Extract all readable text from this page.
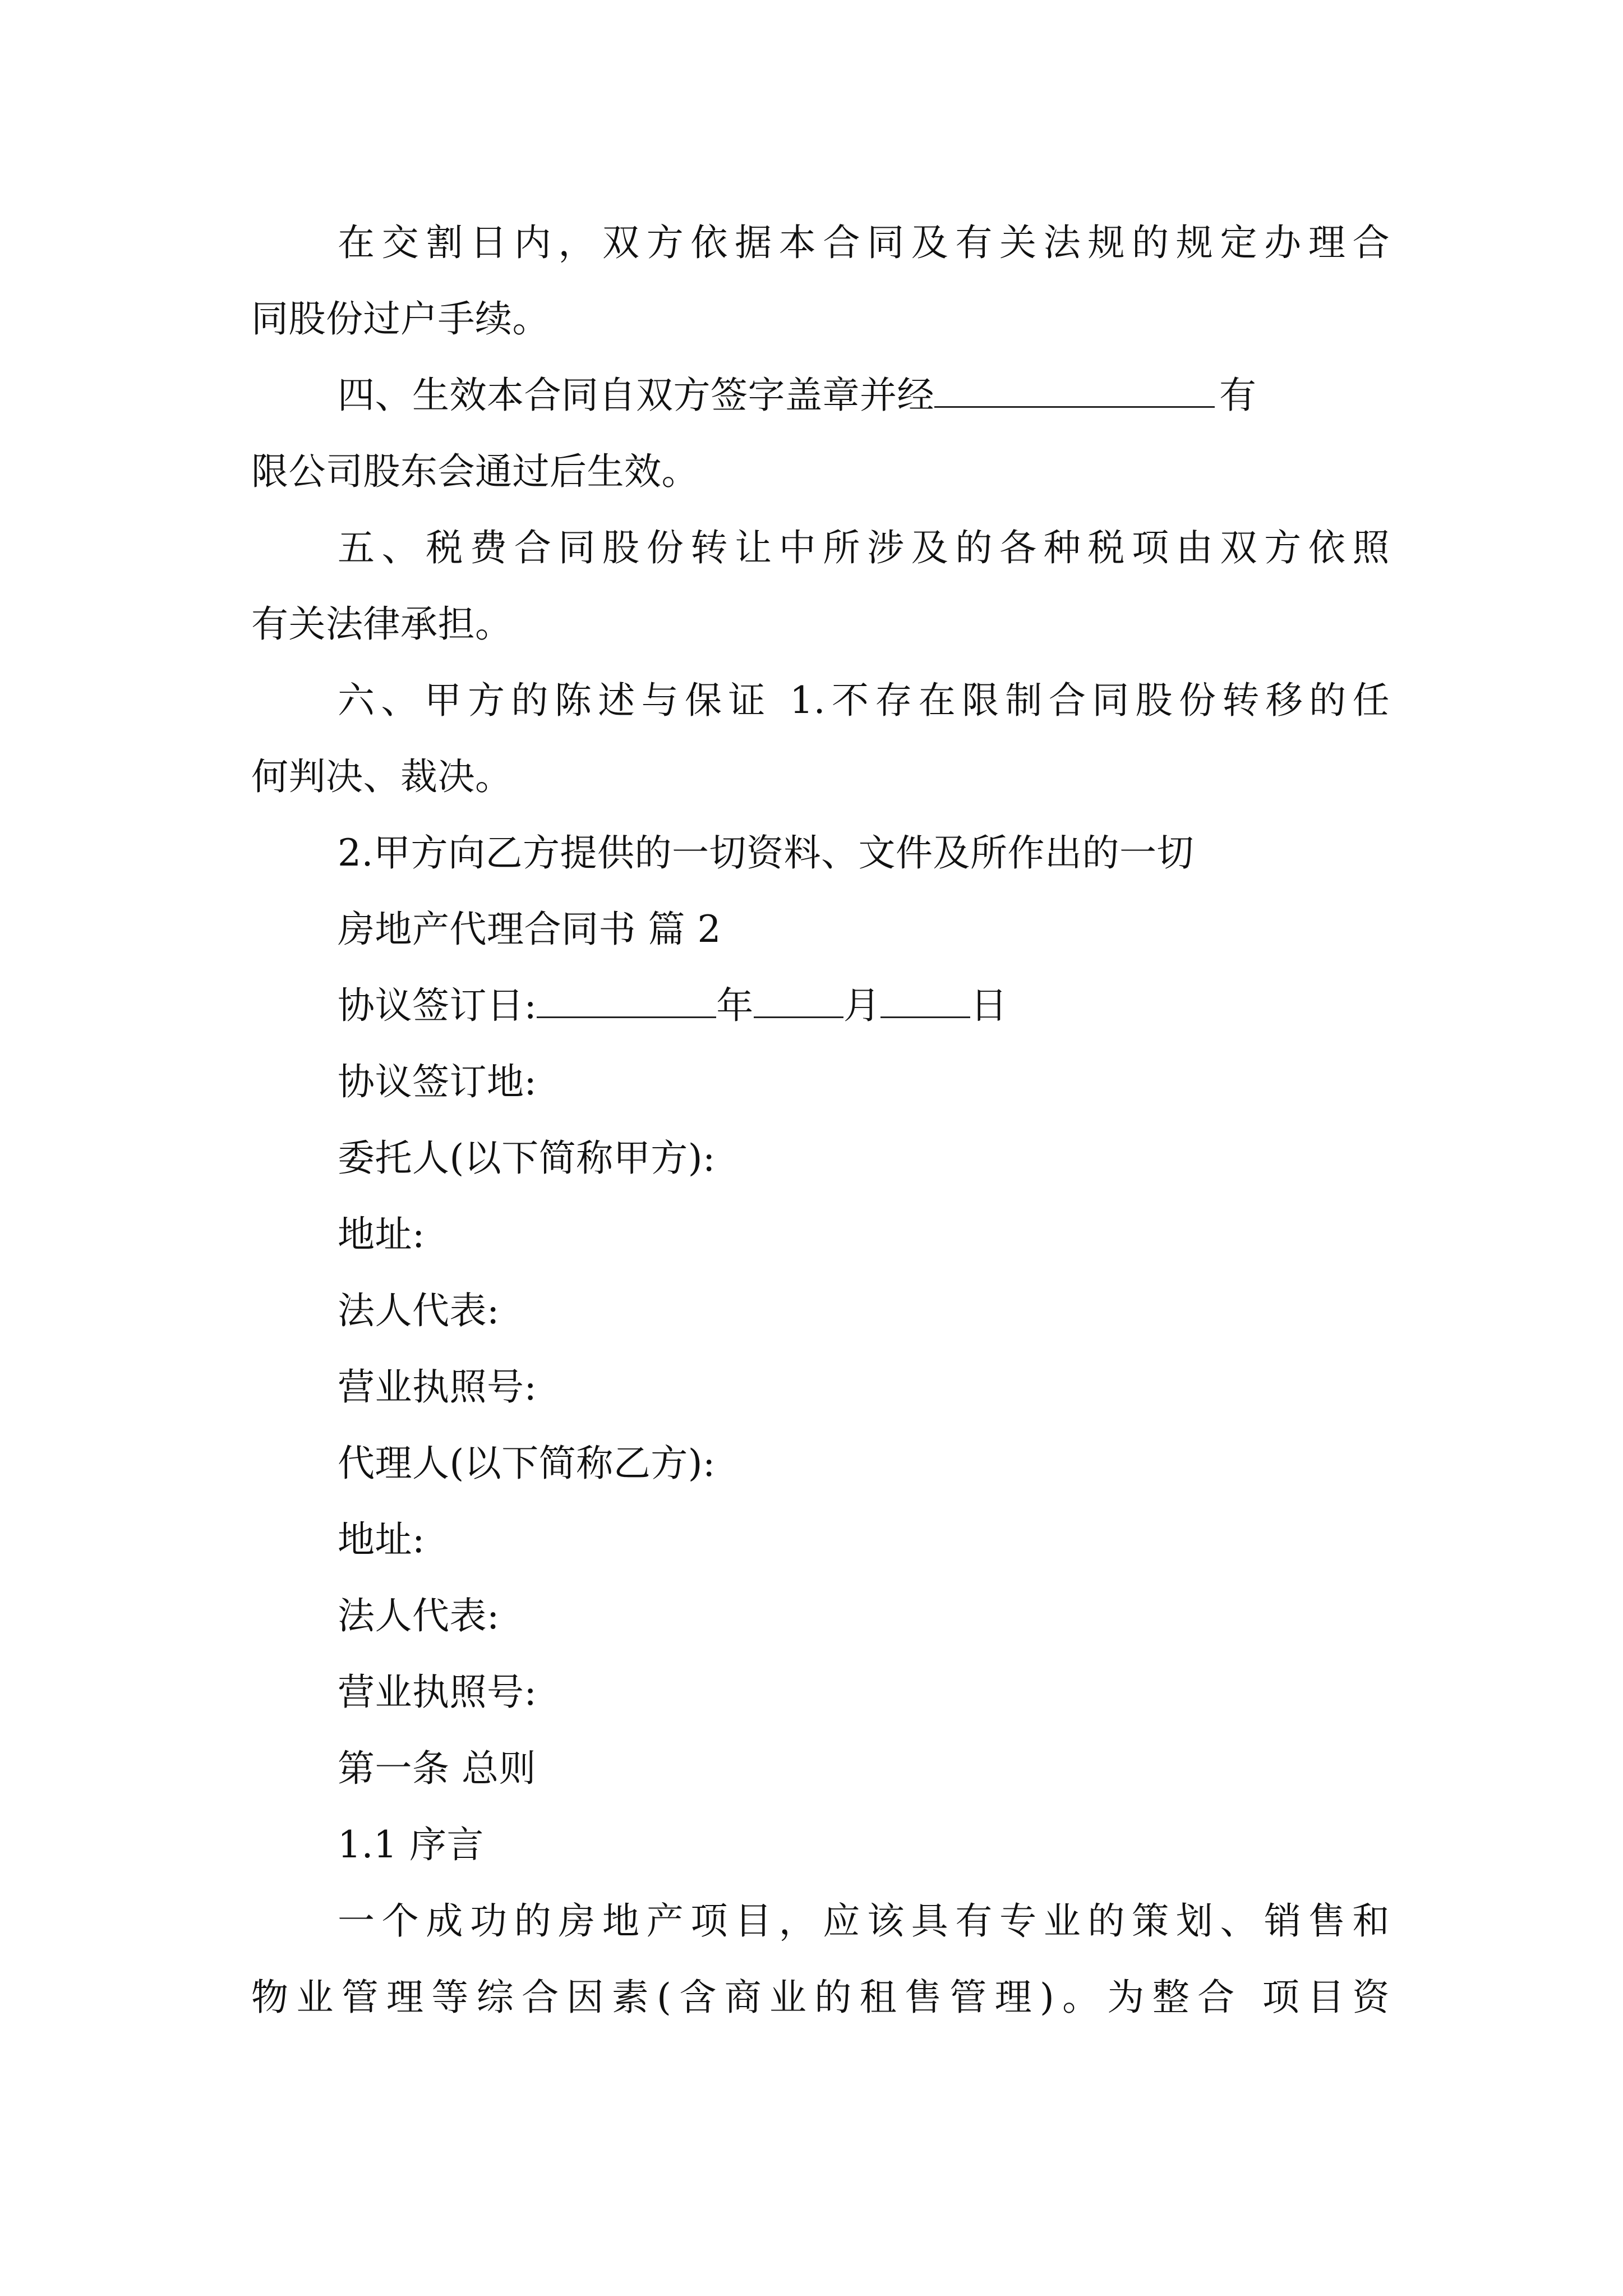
在交割日内，双方依据本合同及有关法规的规定办理合
同股份过户手续。
四、生效本合同自双方签字盖章并经	有
限公司股东会通过后生效。
五、税费合同股份转让中所涉及的各种税项由双方依照
有关法律承担。
六、甲方的陈述与保证 1.不存在限制合同股份转移的任
何判决、裁决。
2.甲方向乙方提供的一切资料、文件及所作出的一切
房地产代理合同书 篇 2
协议签订日:	年 月 日
协议签订地:
委托人(以下简称甲方):
地址:
法人代表:
营业执照号:
代理人(以下简称乙方):
地址:
法人代表:
营业执照号:
第一条 总则
1.1 序言
一个成功的房地产项目，应该具有专业的策划、销售和
物业管理等综合因素(含商业的租售管理)。为整合 项目资
